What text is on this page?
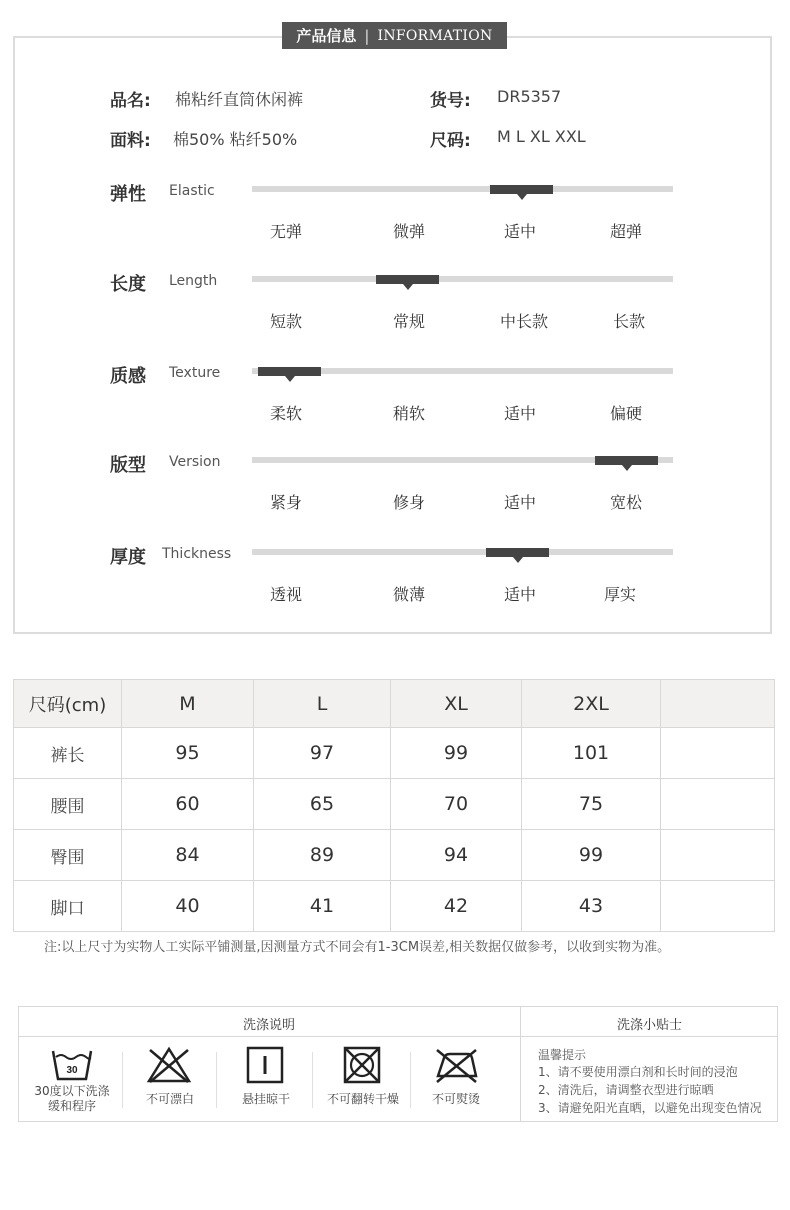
产品信息 | INFORMATION
品名: 棉粘纤直筒休闲裤	货号: DR5357
面料: 棉50% 粘纤50%	尺码: M L XL XXL
弹性 Elastic
无弹	微弹	适中	超弹
长度 Length
短款	常规	中长款	长款
质感 Texture
柔软	稍软	适中	偏硬
版型 Version
紧身	修身	适中	宽松
厚度 Thickness
透视	微薄	适中	厚实
尺码(cm)	M	L	XL	2XL	
裤长	95	97	99	101	
腰围	60	65	70	75	
臀围	84	89	94	99	
脚口	40	41	42	43	
注:以上尺寸为实物人工实际平铺测量,因测量方式不同会有1-3CM误差,相关数据仅做参考，以收到实物为准。
洗涤说明	洗涤小贴士
30
30度以下洗涤
缓和程序	不可漂白	悬挂晾干	不可翻转干燥	不可熨烫
温馨提示
1、请不要使用漂白剂和长时间的浸泡
2、清洗后，请调整衣型进行晾晒
3、请避免阳光直晒，以避免出现变色情况
